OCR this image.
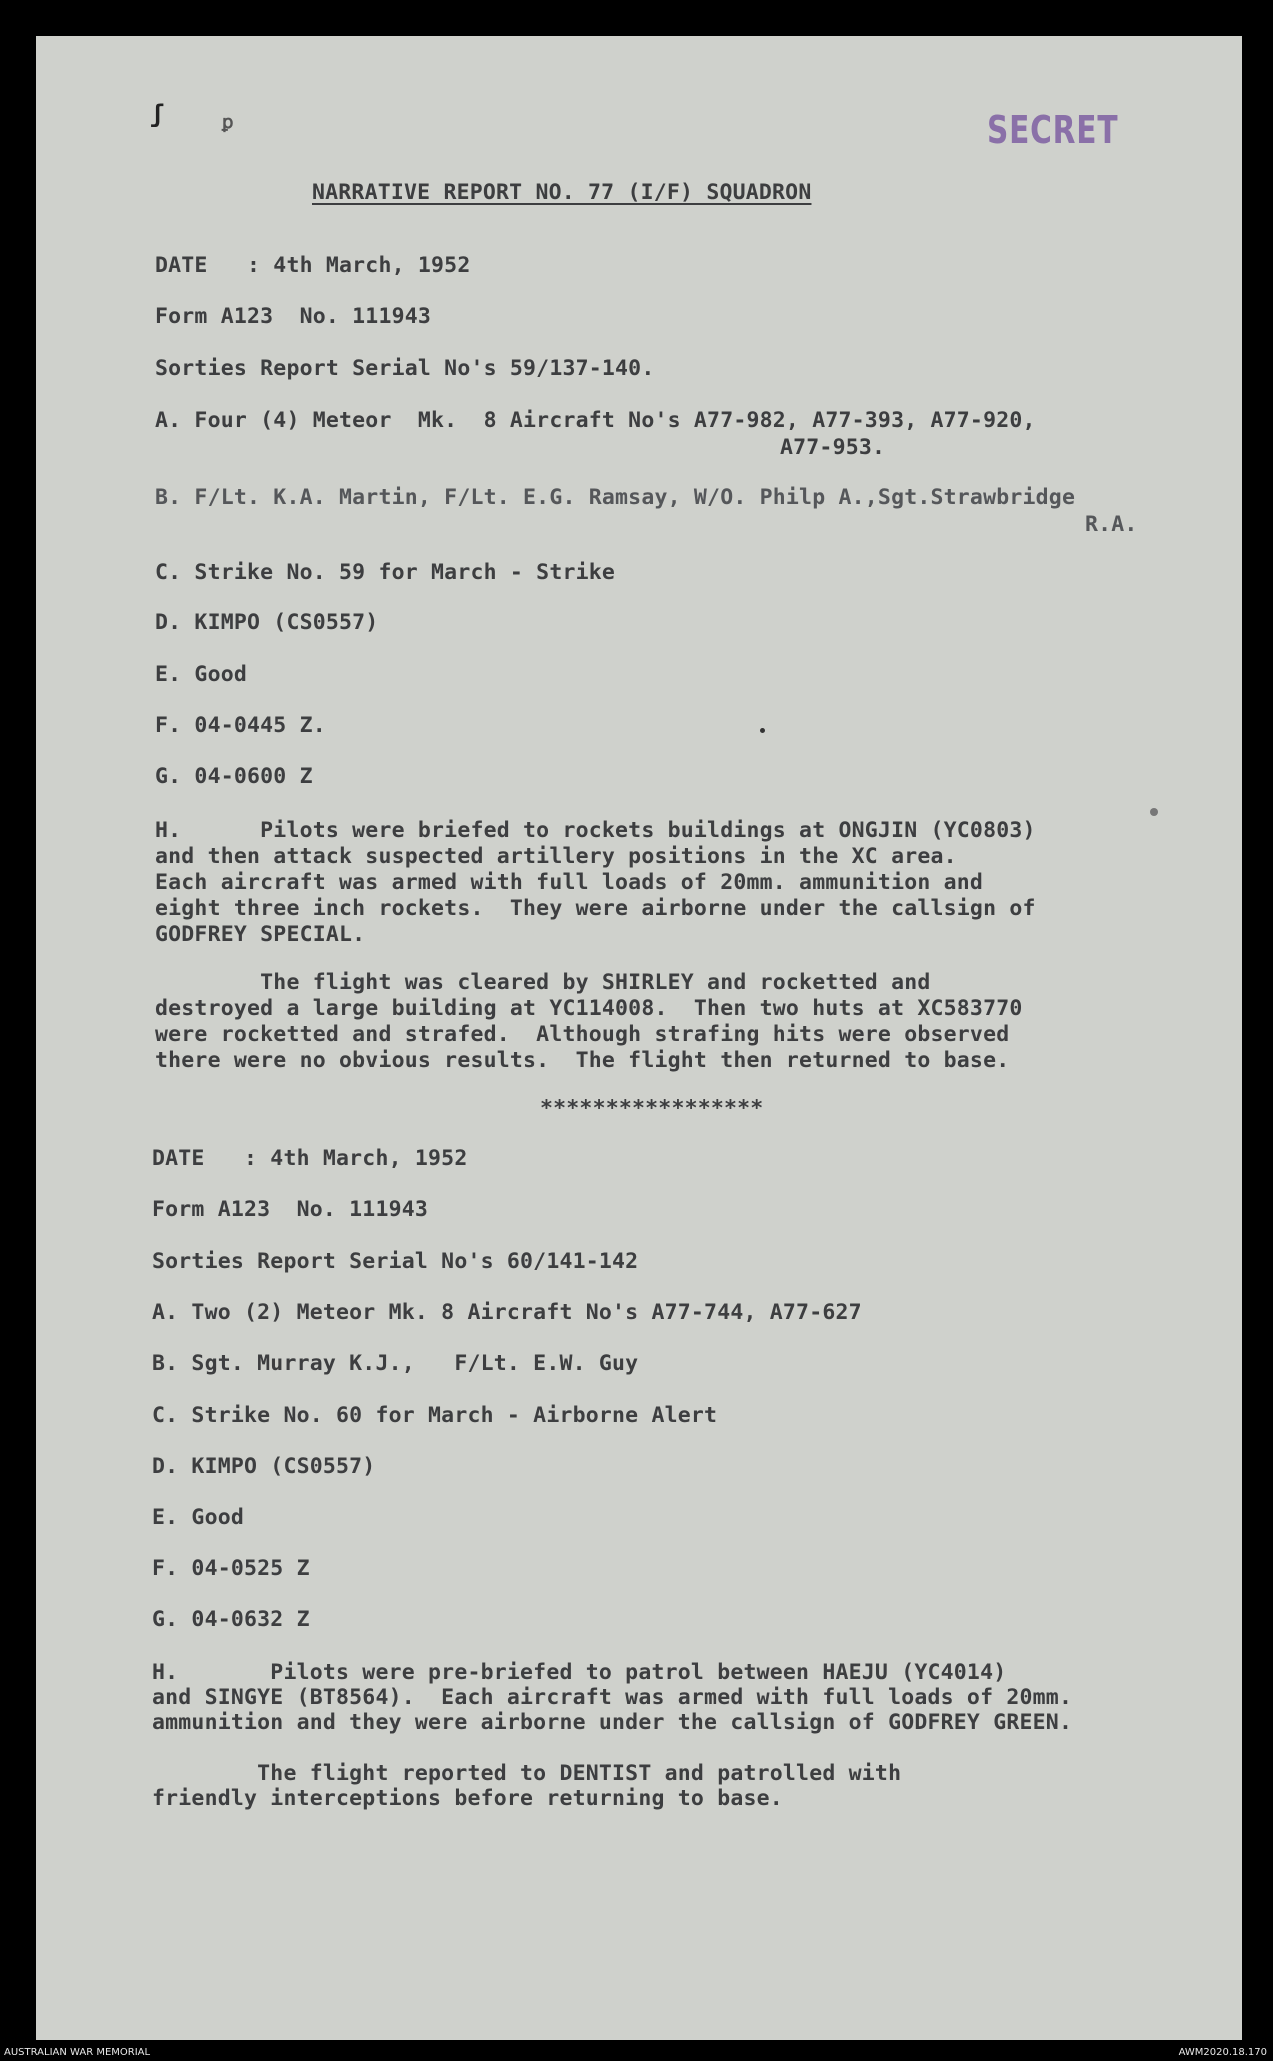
ʃ	ꝑ	SECRET
NARRATIVE REPORT NO. 77 (I/F) SQUADRON
DATE   : 4th March, 1952
Form A123  No. 111943
Sorties Report Serial No's 59/137-140.
A. Four (4) Meteor  Mk.  8 Aircraft No's A77-982, A77-393, A77-920,
A77-953.
B. F/Lt. K.A. Martin, F/Lt. E.G. Ramsay, W/O. Philp A.,Sgt.Strawbridge
R.A.
C. Strike No. 59 for March - Strike
D. KIMPO (CS0557)
E. Good
F. 04-0445 Z.
G. 04-0600 Z
H.      Pilots were briefed to rockets buildings at ONGJIN (YC0803)
and then attack suspected artillery positions in the XC area.
Each aircraft was armed with full loads of 20mm. ammunition and
eight three inch rockets.  They were airborne under the callsign of
GODFREY SPECIAL.
The flight was cleared by SHIRLEY and rocketted and
destroyed a large building at YC114008.  Then two huts at XC583770
were rocketted and strafed.  Although strafing hits were observed
there were no obvious results.  The flight then returned to base.
*****************
DATE   : 4th March, 1952
Form A123  No. 111943
Sorties Report Serial No's 60/141-142
A. Two (2) Meteor Mk. 8 Aircraft No's A77-744, A77-627
B. Sgt. Murray K.J.,   F/Lt. E.W. Guy
C. Strike No. 60 for March - Airborne Alert
D. KIMPO (CS0557)
E. Good
F. 04-0525 Z
G. 04-0632 Z
H.       Pilots were pre-briefed to patrol between HAEJU (YC4014)
and SINGYE (BT8564).  Each aircraft was armed with full loads of 20mm.
ammunition and they were airborne under the callsign of GODFREY GREEN.
The flight reported to DENTIST and patrolled with
friendly interceptions before returning to base.
AUSTRALIAN WAR MEMORIAL	AWM2020.18.170
